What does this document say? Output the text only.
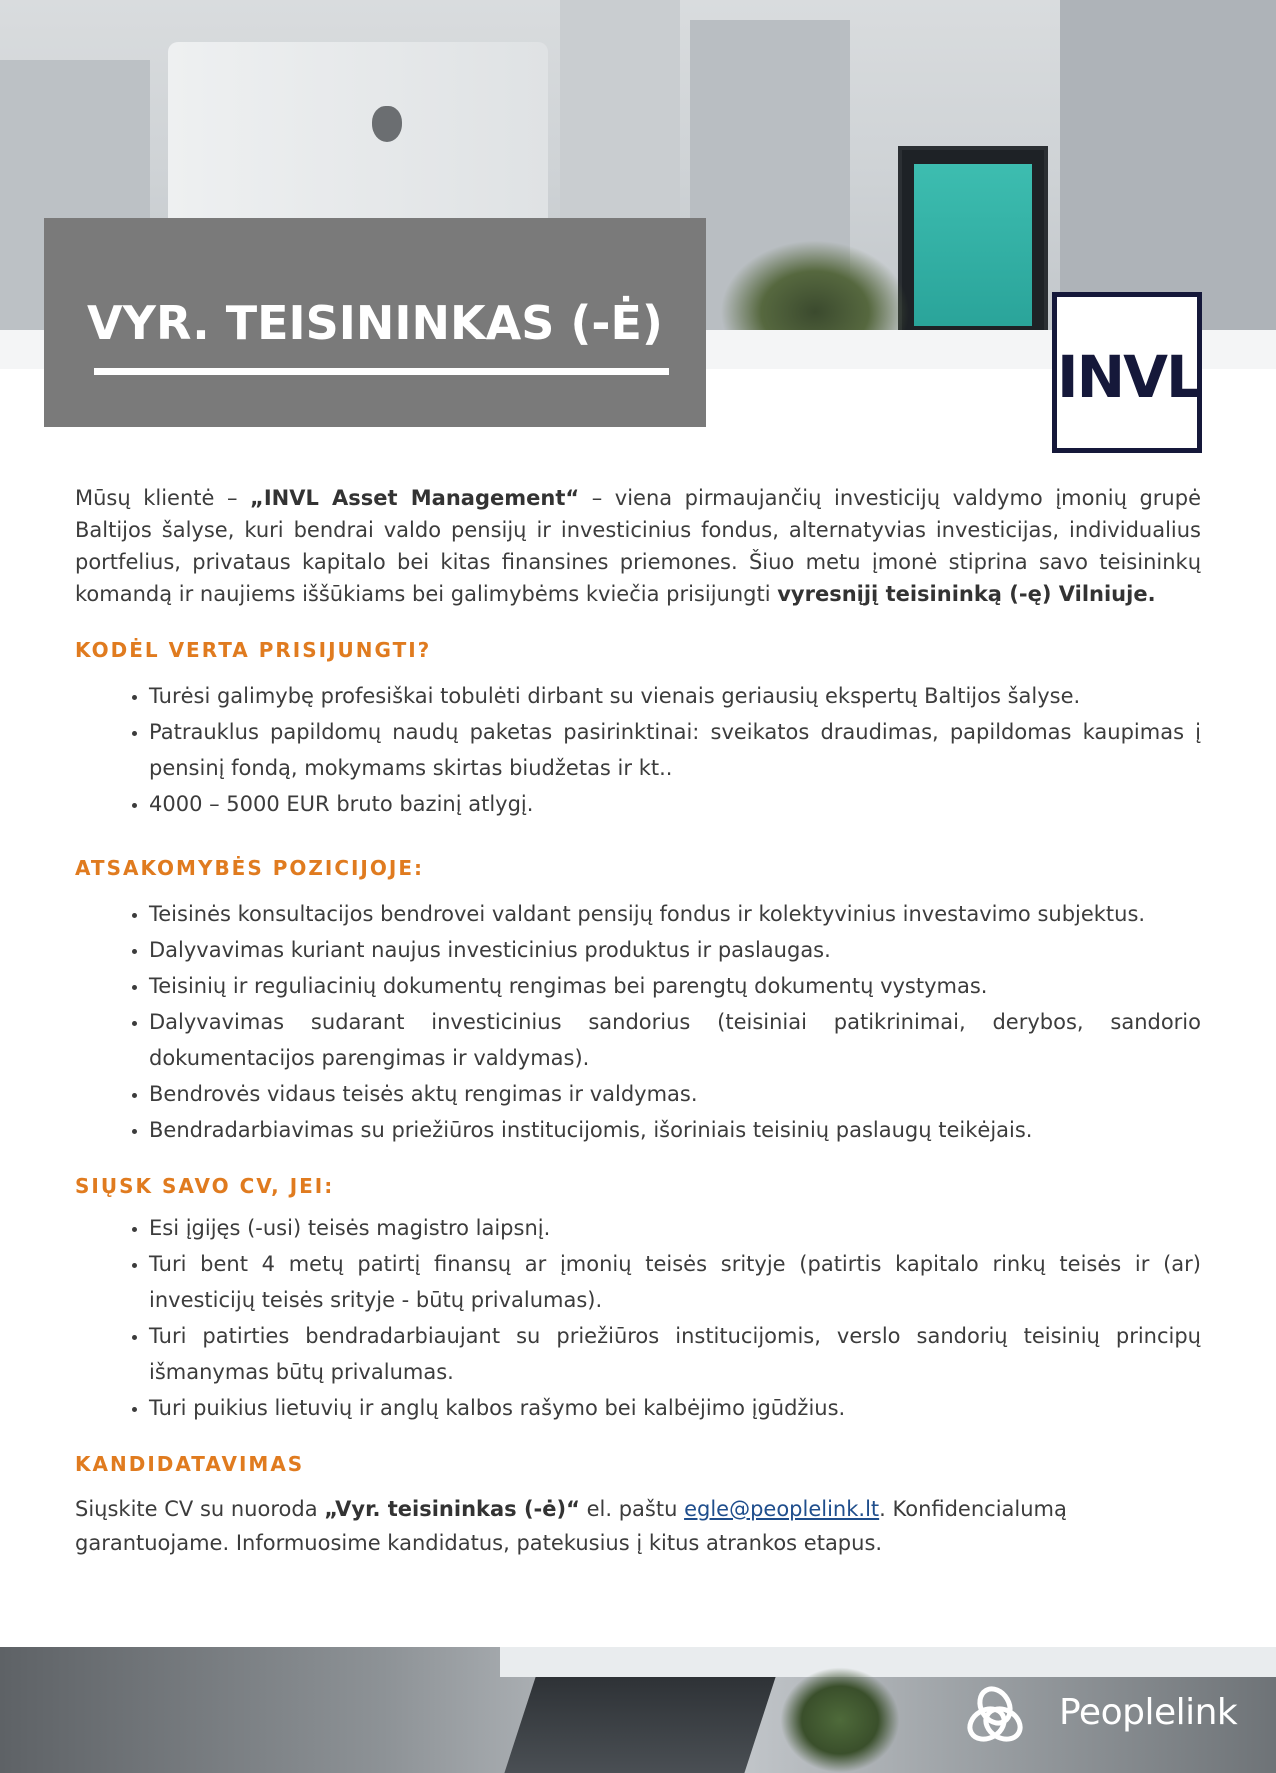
VYR. TEISININKAS (-Ė)
INVL

Mūsų klientė – „INVL Asset Management“ – viena pirmaujančių investicijų valdymo įmonių grupė Baltijos šalyse, kuri bendrai valdo pensijų ir investicinius fondus, alternatyvias investicijas, individualius portfelius, privataus kapitalo bei kitas finansines priemones. Šiuo metu įmonė stiprina savo teisininkų komandą ir naujiems iššūkiams bei galimybėms kviečia prisijungti vyresnįjį teisininką (-ę) Vilniuje.

KODĖL VERTA PRISIJUNGTI?
• Turėsi galimybę profesiškai tobulėti dirbant su vienais geriausių ekspertų Baltijos šalyse.
• Patrauklus papildomų naudų paketas pasirinktinai: sveikatos draudimas, papildomas kaupimas į pensinį fondą, mokymams skirtas biudžetas ir kt..
• 4000 – 5000 EUR bruto bazinį atlygį.
ATSAKOMYBĖS POZICIJOJE:
• Teisinės konsultacijos bendrovei valdant pensijų fondus ir kolektyvinius investavimo subjektus.
• Dalyvavimas kuriant naujus investicinius produktus ir paslaugas.
• Teisinių ir reguliacinių dokumentų rengimas bei parengtų dokumentų vystymas.
• Dalyvavimas sudarant investicinius sandorius (teisiniai patikrinimai, derybos, sandorio dokumentacijos parengimas ir valdymas).
• Bendrovės vidaus teisės aktų rengimas ir valdymas.
• Bendradarbiavimas su priežiūros institucijomis, išoriniais teisinių paslaugų teikėjais.
SIŲSK SAVO CV, JEI:
• Esi įgijęs (-usi) teisės magistro laipsnį.
• Turi bent 4 metų patirtį finansų ar įmonių teisės srityje (patirtis kapitalo rinkų teisės ir (ar) investicijų teisės srityje - būtų privalumas).
• Turi patirties bendradarbiaujant su priežiūros institucijomis, verslo sandorių teisinių principų išmanymas būtų privalumas.
• Turi puikius lietuvių ir anglų kalbos rašymo bei kalbėjimo įgūdžius.
KANDIDATAVIMAS

Siųskite CV su nuoroda „Vyr. teisininkas (-ė)“ el. paštu egle@peoplelink.lt. Konfidencialumą garantuojame. Informuosime kandidatus, patekusius į kitus atrankos etapus.

Peoplelink
